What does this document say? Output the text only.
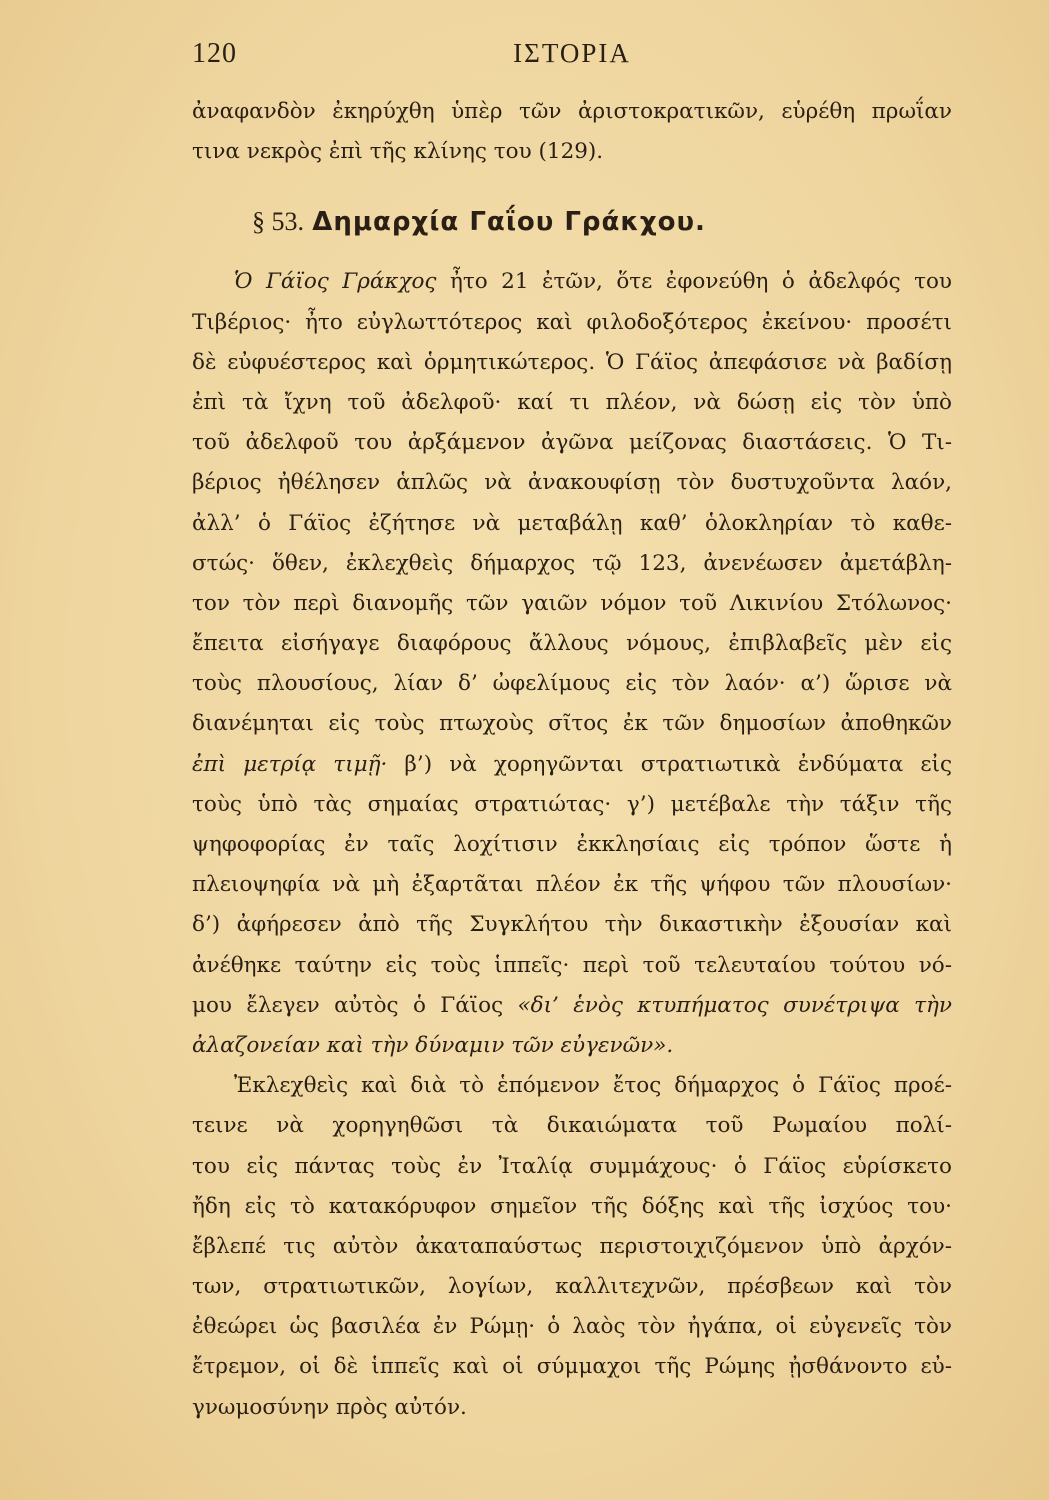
120	ΙΣΤΟΡΙΑ
ἀναφανδὸν ἐκηρύχθη ὑπὲρ τῶν ἀριστοκρατικῶν, εὑρέθη πρωΐαν
τινα νεκρὸς ἐπὶ τῆς κλίνης του (129).
§ 53. Δημαρχία Γαΐου Γράκχου.
Ὁ Γάϊος Γράκχος ἦτο 21 ἐτῶν, ὅτε ἐφονεύθη ὁ ἀδελφός του
Τιβέριος· ἦτο εὐγλωττότερος καὶ φιλοδοξότερος ἐκείνου· προσέτι
δὲ εὐφυέστερος καὶ ὁρμητικώτερος. Ὁ Γάϊος ἀπεφάσισε νὰ βαδίσῃ
ἐπὶ τὰ ἴχνη τοῦ ἀδελφοῦ· καί τι πλέον, νὰ δώσῃ εἰς τὸν ὑπὸ
τοῦ ἀδελφοῦ του ἀρξάμενον ἀγῶνα μείζονας διαστάσεις. Ὁ Τι-
βέριος ἠθέλησεν ἁπλῶς νὰ ἀνακουφίσῃ τὸν δυστυχοῦντα λαόν,
ἀλλ’ ὁ Γάϊος ἐζήτησε νὰ μεταβάλῃ καθ’ ὁλοκληρίαν τὸ καθε-
στώς· ὅθεν, ἐκλεχθεὶς δήμαρχος τῷ 123, ἀνενέωσεν ἀμετάβλη-
τον τὸν περὶ διανομῆς τῶν γαιῶν νόμον τοῦ Λικινίου Στόλωνος·
ἔπειτα εἰσήγαγε διαφόρους ἄλλους νόμους, ἐπιβλαβεῖς μὲν εἰς
τοὺς πλουσίους, λίαν δ’ ὠφελίμους εἰς τὸν λαόν· α’) ὥρισε νὰ
διανέμηται εἰς τοὺς πτωχοὺς σῖτος ἐκ τῶν δημοσίων ἀποθηκῶν
ἐπὶ μετρίᾳ τιμῇ· β’) νὰ χορηγῶνται στρατιωτικὰ ἐνδύματα εἰς
τοὺς ὑπὸ τὰς σημαίας στρατιώτας· γ’) μετέβαλε τὴν τάξιν τῆς
ψηφοφορίας ἐν ταῖς λοχίτισιν ἐκκλησίαις εἰς τρόπον ὥστε ἡ
πλειοψηφία νὰ μὴ ἐξαρτᾶται πλέον ἐκ τῆς ψήφου τῶν πλουσίων·
δ’) ἀφήρεσεν ἀπὸ τῆς Συγκλήτου τὴν δικαστικὴν ἐξουσίαν καὶ
ἀνέθηκε ταύτην εἰς τοὺς ἱππεῖς· περὶ τοῦ τελευταίου τούτου νό-
μου ἔλεγεν αὐτὸς ὁ Γάϊος «δι’ ἑνὸς κτυπήματος συνέτριψα τὴν
ἀλαζονείαν καὶ τὴν δύναμιν τῶν εὐγενῶν».
Ἐκλεχθεὶς καὶ διὰ τὸ ἑπόμενον ἔτος δήμαρχος ὁ Γάϊος προέ-
τεινε νὰ χορηγηθῶσι τὰ δικαιώματα τοῦ Ρωμαίου πολί-
του εἰς πάντας τοὺς ἐν Ἰταλίᾳ συμμάχους· ὁ Γάϊος εὑρίσκετο
ἤδη εἰς τὸ κατακόρυφον σημεῖον τῆς δόξης καὶ τῆς ἰσχύος του·
ἔβλεπέ τις αὐτὸν ἀκαταπαύστως περιστοιχιζόμενον ὑπὸ ἀρχόν-
των, στρατιωτικῶν, λογίων, καλλιτεχνῶν, πρέσβεων καὶ τὸν
ἐθεώρει ὡς βασιλέα ἐν Ρώμῃ· ὁ λαὸς τὸν ἠγάπα, οἱ εὐγενεῖς τὸν
ἔτρεμον, οἱ δὲ ἱππεῖς καὶ οἱ σύμμαχοι τῆς Ρώμης ᾐσθάνοντο εὐ-
γνωμοσύνην πρὸς αὐτόν.
